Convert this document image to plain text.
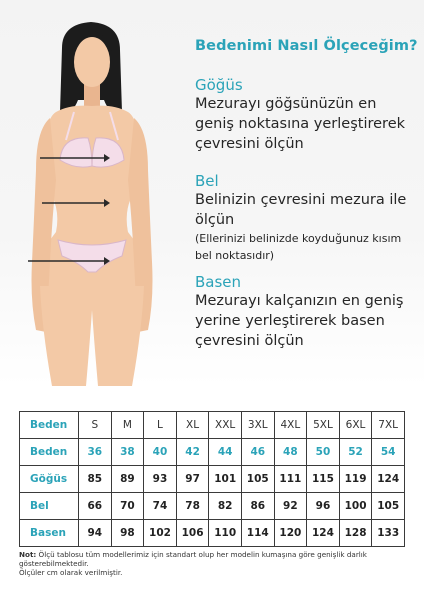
Bedenimi Nasıl Ölçeceğim?
Göğüs
Mezurayı göğsünüzün en
geniş noktasına yerleştirerek
çevresini ölçün
Bel
Belinizin çevresini mezura ile
ölçün
(Ellerinizi belinizde koyduğunuz kısım
bel noktasıdır)
Basen
Mezurayı kalçanızın en geniş
yerine yerleştirerek basen
çevresini ölçün
Beden	S	M	L	XL	XXL	3XL	4XL	5XL	6XL	7XL
Beden	36	38	40	42	44	46	48	50	52	54
Göğüs	85	89	93	97	101	105	111	115	119	124
Bel	66	70	74	78	82	86	92	96	100	105
Basen	94	98	102	106	110	114	120	124	128	133
Not: Ölçü tablosu tüm modellerimiz için standart olup her modelin kumaşına göre genişlik darlık gösterebilmektedir.
Ölçüler cm olarak verilmiştir.
